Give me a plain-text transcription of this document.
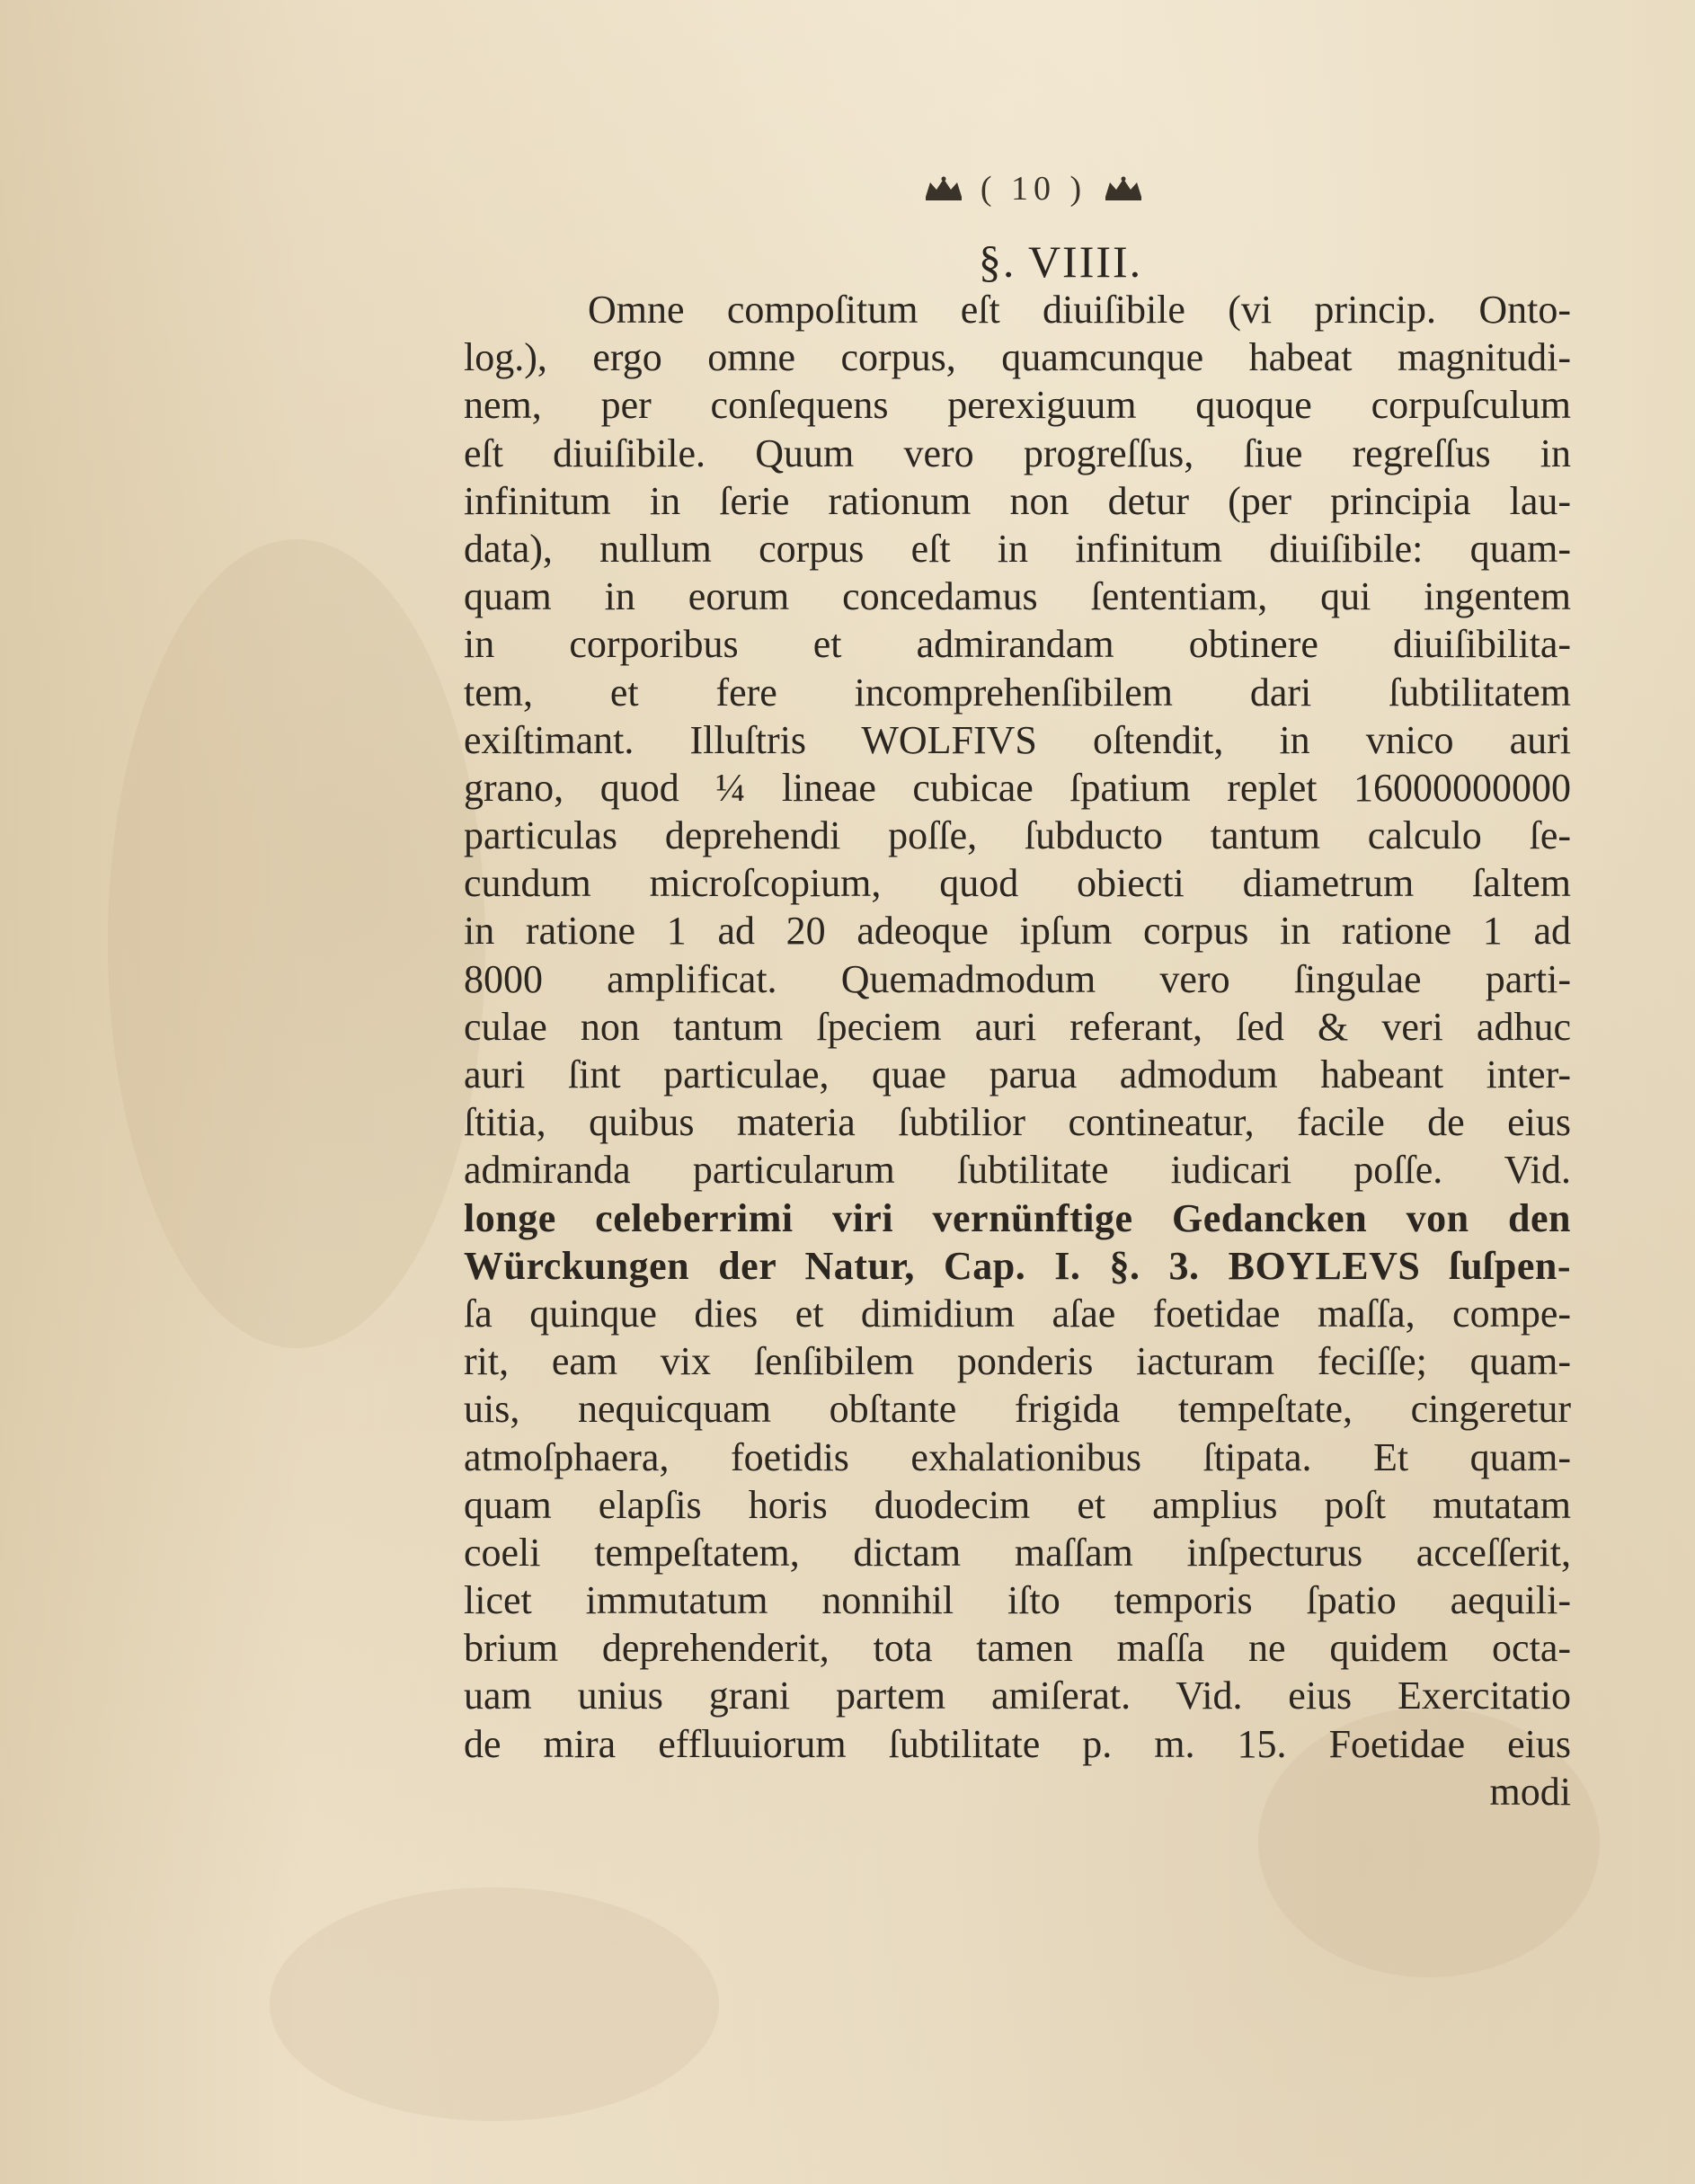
( 10 )
§. VIIII.
Omne compoſitum eſt diuiſibile (vi princip. Onto-
log.), ergo omne corpus, quamcunque habeat magnitudi-
nem, per conſequens perexiguum quoque corpuſculum
eſt diuiſibile. Quum vero progreſſus, ſiue regreſſus in
infinitum in ſerie rationum non detur (per principia lau-
data), nullum corpus eſt in infinitum diuiſibile: quam-
quam in eorum concedamus ſententiam, qui ingentem
in corporibus et admirandam obtinere diuiſibilita-
tem, et fere incomprehenſibilem dari ſubtilitatem
exiſtimant. Illuſtris WOLFIVS oſtendit, in vnico auri
grano, quod ¼ lineae cubicae ſpatium replet 16000000000
particulas deprehendi poſſe, ſubducto tantum calculo ſe-
cundum microſcopium, quod obiecti diametrum ſaltem
in ratione 1 ad 20 adeoque ipſum corpus in ratione 1 ad
8000 amplificat. Quemadmodum vero ſingulae parti-
culae non tantum ſpeciem auri referant, ſed & veri adhuc
auri ſint particulae, quae parua admodum habeant inter-
ſtitia, quibus materia ſubtilior contineatur, facile de eius
admiranda particularum ſubtilitate iudicari poſſe. Vid.
longe celeberrimi viri vernünftige Gedancken von den
Würckungen der Natur, Cap. I. §. 3. BOYLEVS ſuſpen-
ſa quinque dies et dimidium aſae foetidae maſſa, compe-
rit, eam vix ſenſibilem ponderis iacturam feciſſe; quam-
uis, nequicquam obſtante frigida tempeſtate, cingeretur
atmoſphaera, foetidis exhalationibus ſtipata. Et quam-
quam elapſis horis duodecim et amplius poſt mutatam
coeli tempeſtatem, dictam maſſam inſpecturus acceſſerit,
licet immutatum nonnihil iſto temporis ſpatio aequili-
brium deprehenderit, tota tamen maſſa ne quidem octa-
uam unius grani partem amiſerat. Vid. eius Exercitatio
de mira effluuiorum ſubtilitate p. m. 15. Foetidae eius
modi
